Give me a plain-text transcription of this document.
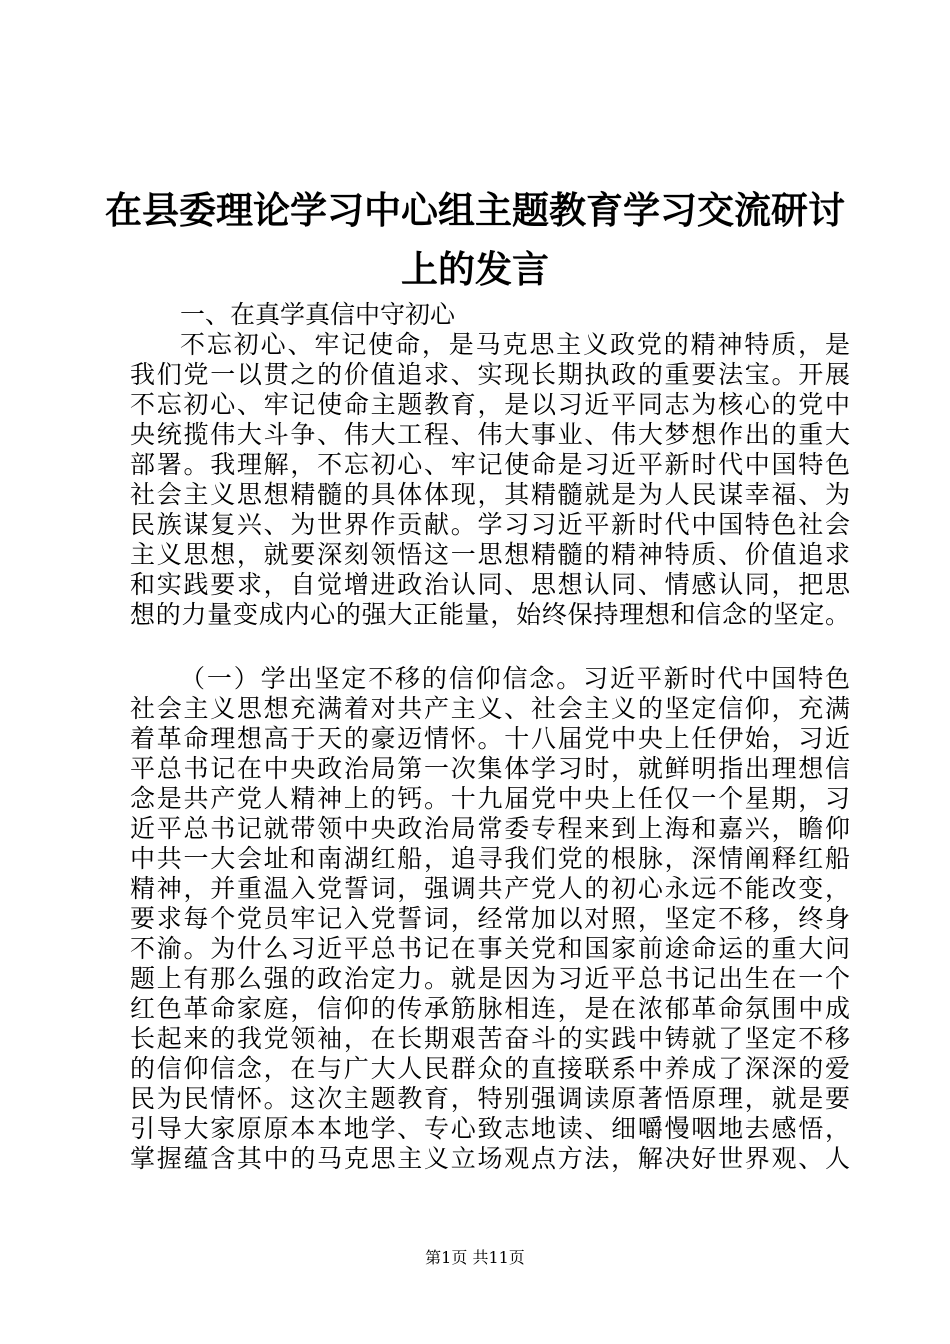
在县委理论学习中心组主题教育学习交流研讨
上的发言
一、在真学真信中守初心
不忘初心、牢记使命，是马克思主义政党的精神特质，是
我们党一以贯之的价值追求、实现长期执政的重要法宝。开展
不忘初心、牢记使命主题教育，是以习近平同志为核心的党中
央统揽伟大斗争、伟大工程、伟大事业、伟大梦想作出的重大
部署。我理解，不忘初心、牢记使命是习近平新时代中国特色
社会主义思想精髓的具体体现，其精髓就是为人民谋幸福、为
民族谋复兴、为世界作贡献。学习习近平新时代中国特色社会
主义思想，就要深刻领悟这一思想精髓的精神特质、价值追求
和实践要求，自觉增进政治认同、思想认同、情感认同，把思
想的力量变成内心的强大正能量，始终保持理想和信念的坚定。
（一）学出坚定不移的信仰信念。习近平新时代中国特色
社会主义思想充满着对共产主义、社会主义的坚定信仰，充满
着革命理想高于天的豪迈情怀。十八届党中央上任伊始，习近
平总书记在中央政治局第一次集体学习时，就鲜明指出理想信
念是共产党人精神上的钙。十九届党中央上任仅一个星期，习
近平总书记就带领中央政治局常委专程来到上海和嘉兴，瞻仰
中共一大会址和南湖红船，追寻我们党的根脉，深情阐释红船
精神，并重温入党誓词，强调共产党人的初心永远不能改变，
要求每个党员牢记入党誓词，经常加以对照，坚定不移，终身
不渝。为什么习近平总书记在事关党和国家前途命运的重大问
题上有那么强的政治定力。就是因为习近平总书记出生在一个
红色革命家庭，信仰的传承筋脉相连，是在浓郁革命氛围中成
长起来的我党领袖，在长期艰苦奋斗的实践中铸就了坚定不移
的信仰信念，在与广大人民群众的直接联系中养成了深深的爱
民为民情怀。这次主题教育，特别强调读原著悟原理，就是要
引导大家原原本本地学、专心致志地读、细嚼慢咽地去感悟，
掌握蕴含其中的马克思主义立场观点方法，解决好世界观、人
第1页 共11页
